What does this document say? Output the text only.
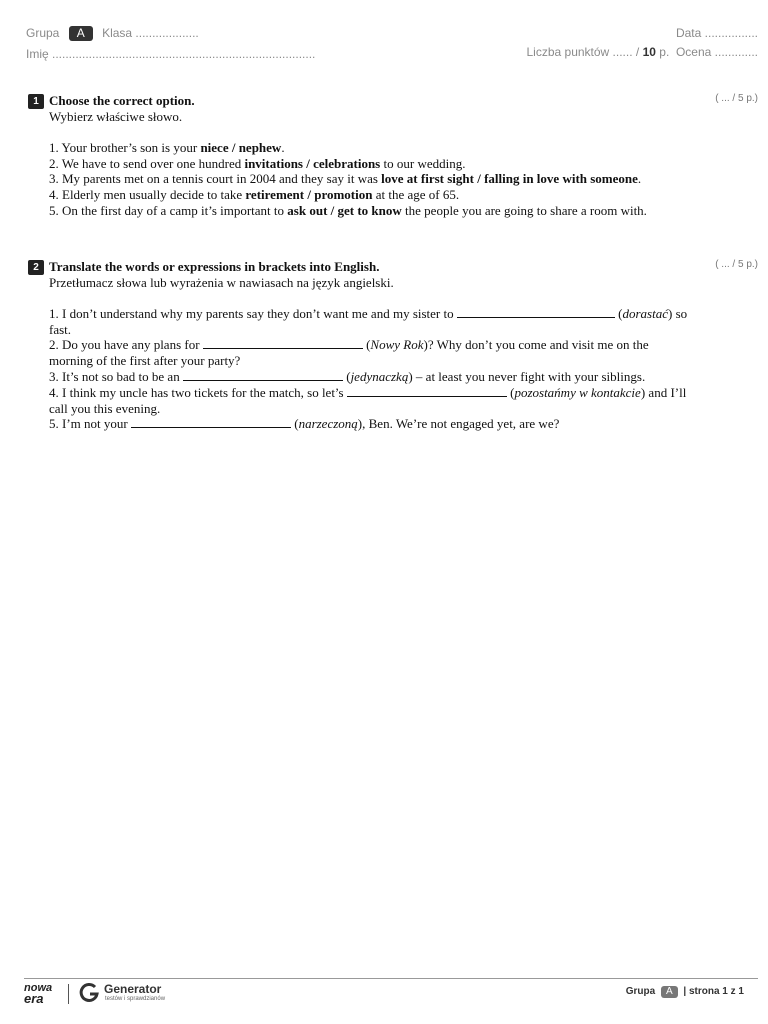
Grupa A Klasa ...................
Imię ...............................................................................
Data ................
Liczba punktów ...... / 10 p. Ocena .............
( ... / 5 p.)
1 Choose the correct option.
Wybierz właściwe słowo.

1. Your brother’s son is your niece / nephew.

2. We have to send over one hundred invitations / celebrations to our wedding.

3. My parents met on a tennis court in 2004 and they say it was love at first sight / falling in love with someone.

4. Elderly men usually decide to take retirement / promotion at the age of 65.

5. On the first day of a camp it’s important to ask out / get to know the people you are going to share a room with.

( ... / 5 p.)
2 Translate the words or expressions in brackets into English.
Przetłumacz słowa lub wyrażenia w nawiasach na język angielski.

1. I don’t understand why my parents say they don’t want me and my sister to	(dorastać) so fast.

2. Do you have any plans for	(Nowy Rok)? Why don’t you come and visit me on the morning of the first after your party?

3. It’s not so bad to be an	(jedynaczką) – at least you never fight with your siblings.

4. I think my uncle has two tickets for the match, so let’s	(pozostańmy w kontakcie) and I’ll call you this evening.

5. I’m not your	(narzeczoną), Ben. We’re not engaged yet, are we?

nowa
era
Generator
testów i sprawdzianów
Grupa A | strona 1 z 1
